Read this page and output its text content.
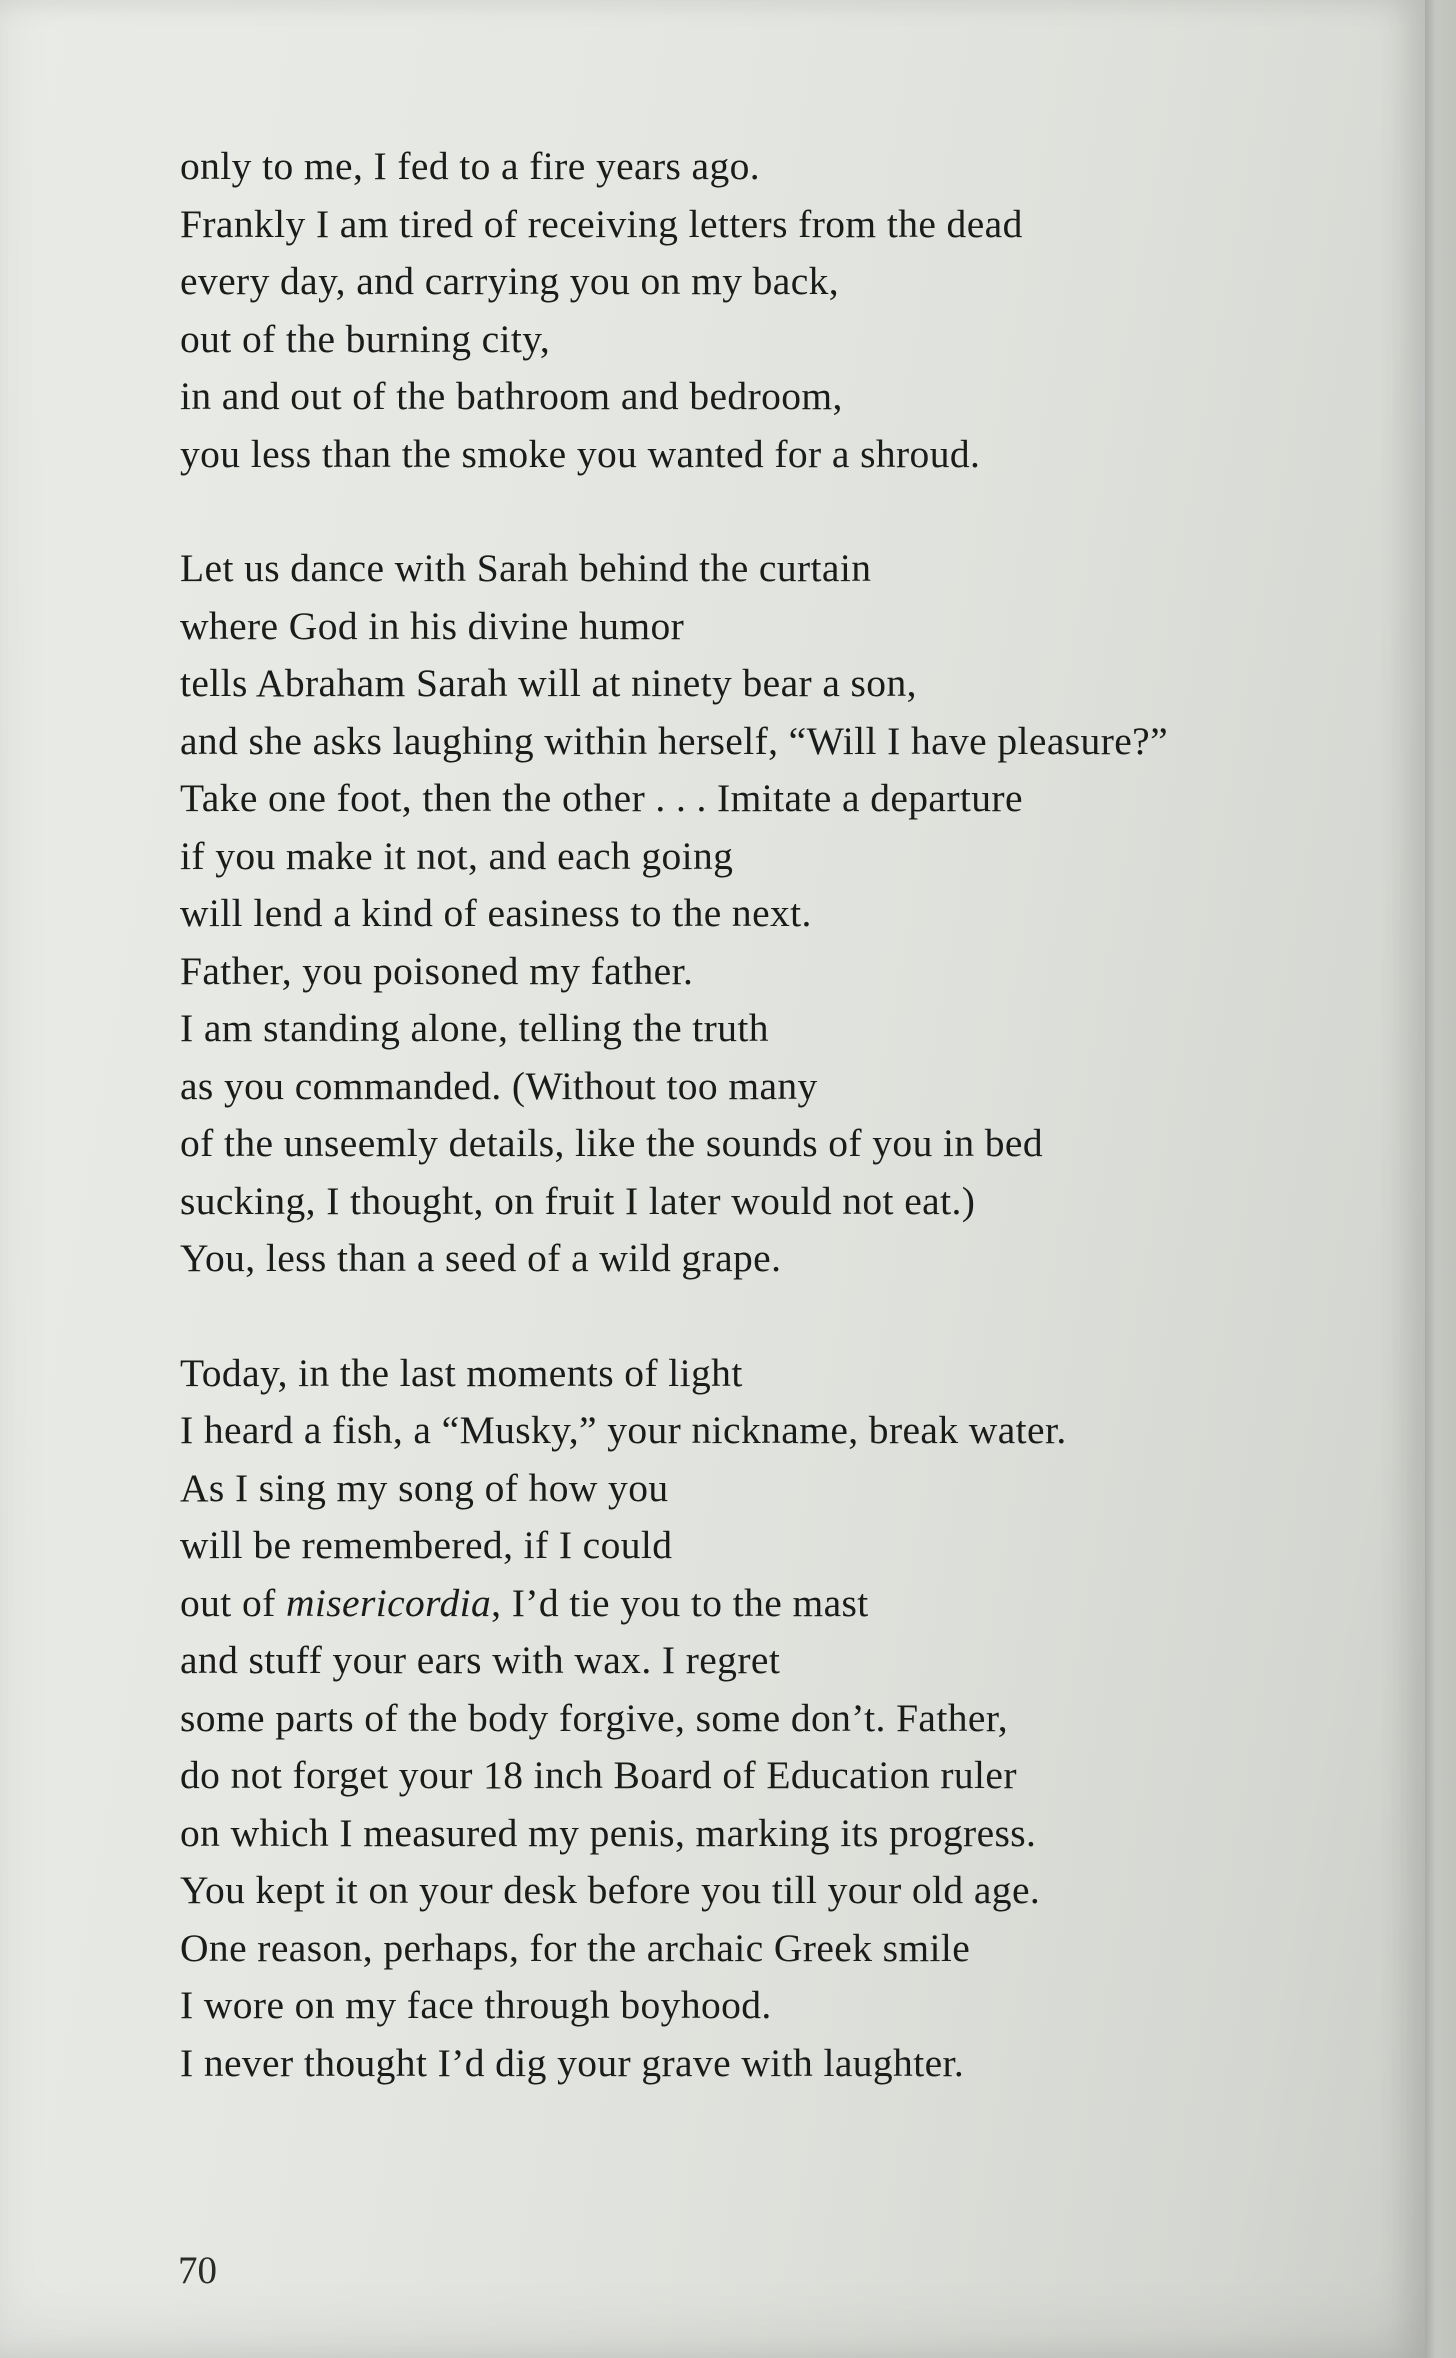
only to me, I fed to a fire years ago.
Frankly I am tired of receiving letters from the dead
every day, and carrying you on my back,
out of the burning city,
in and out of the bathroom and bedroom,
you less than the smoke you wanted for a shroud.
Let us dance with Sarah behind the curtain
where God in his divine humor
tells Abraham Sarah will at ninety bear a son,
and she asks laughing within herself, “Will I have pleasure?”
Take one foot, then the other . . . Imitate a departure
if you make it not, and each going
will lend a kind of easiness to the next.
Father, you poisoned my father.
I am standing alone, telling the truth
as you commanded. (Without too many
of the unseemly details, like the sounds of you in bed
sucking, I thought, on fruit I later would not eat.)
You, less than a seed of a wild grape.
Today, in the last moments of light
I heard a fish, a “Musky,” your nickname, break water.
As I sing my song of how you
will be remembered, if I could
out of misericordia, I’d tie you to the mast
and stuff your ears with wax. I regret
some parts of the body forgive, some don’t. Father,
do not forget your 18 inch Board of Education ruler
on which I measured my penis, marking its progress.
You kept it on your desk before you till your old age.
One reason, perhaps, for the archaic Greek smile
I wore on my face through boyhood.
I never thought I’d dig your grave with laughter.
70
